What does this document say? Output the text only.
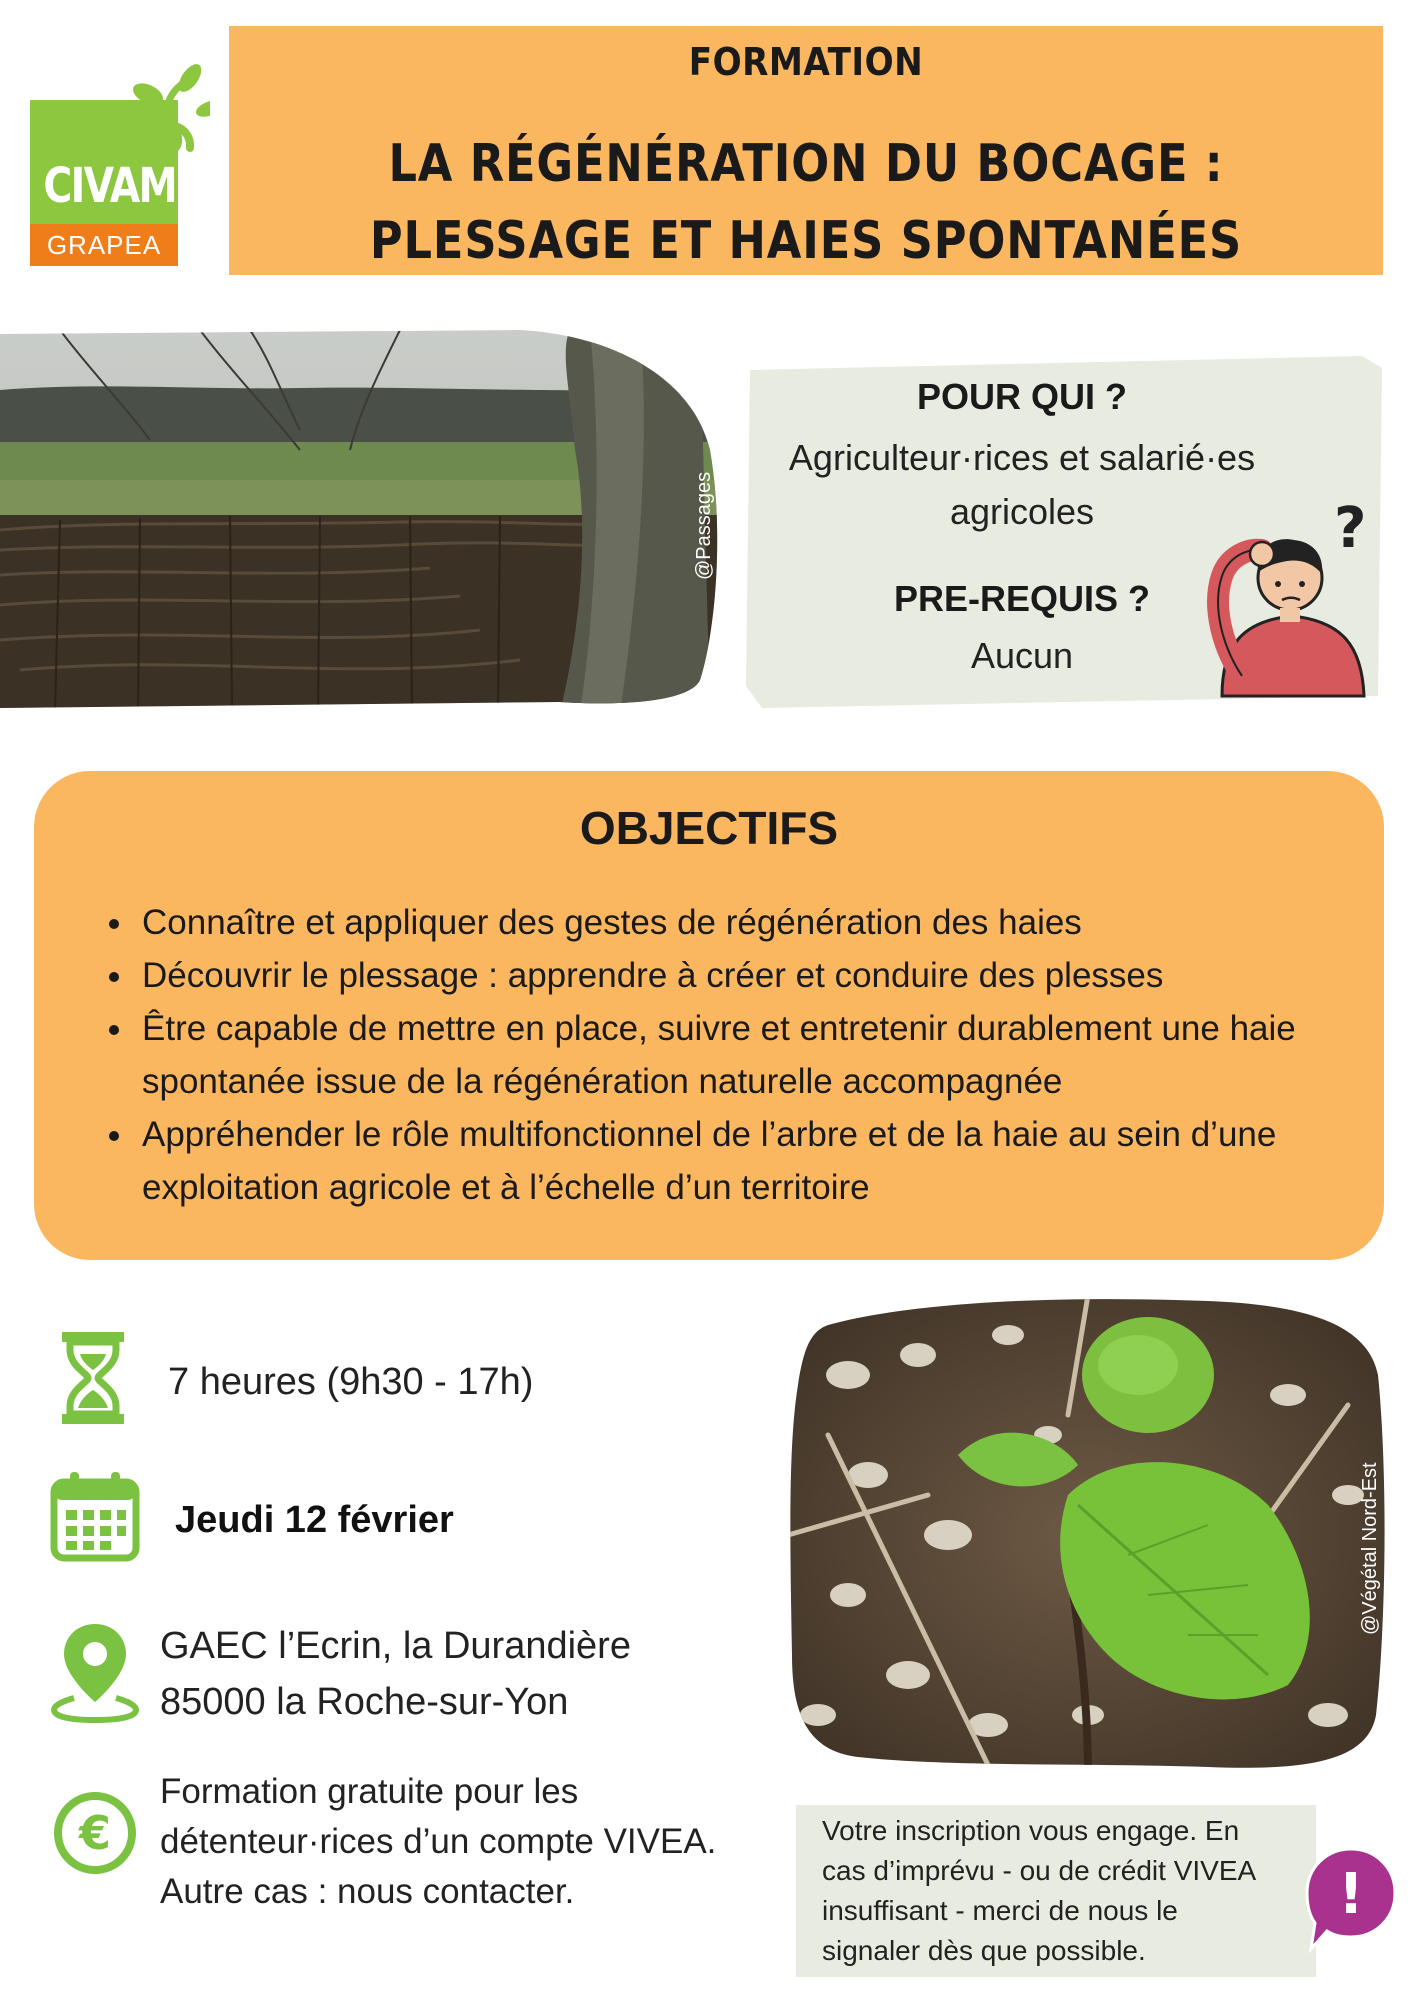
CIVAM
GRAPEA
FORMATION
LA RÉGÉNÉRATION DU BOCAGE :
PLESSAGE ET HAIES SPONTANÉES
@Passages
POUR QUI ?
Agriculteur·rices et salarié·es
agricoles
PRE-REQUIS ?
Aucun
?
OBJECTIFS
• Connaître et appliquer des gestes de régénération des haies
• Découvrir le plessage : apprendre à créer et conduire des plesses
• Être capable de mettre en place, suivre et entretenir durablement une haie spontanée issue de la régénération naturelle accompagnée
• Appréhender le rôle multifonctionnel de l’arbre et de la haie au sein d’une exploitation agricole et à l’échelle d’un territoire
7 heures (9h30 - 17h)
Jeudi 12 février
GAEC l’Ecrin, la Durandière
85000 la Roche-sur-Yon
€
Formation gratuite pour les
détenteur·rices d’un compte VIVEA.
Autre cas : nous contacter.
@Végétal Nord-Est
Votre inscription vous engage. En
cas d’imprévu - ou de crédit VIVEA
insuffisant - merci de nous le
signaler dès que possible.
!
